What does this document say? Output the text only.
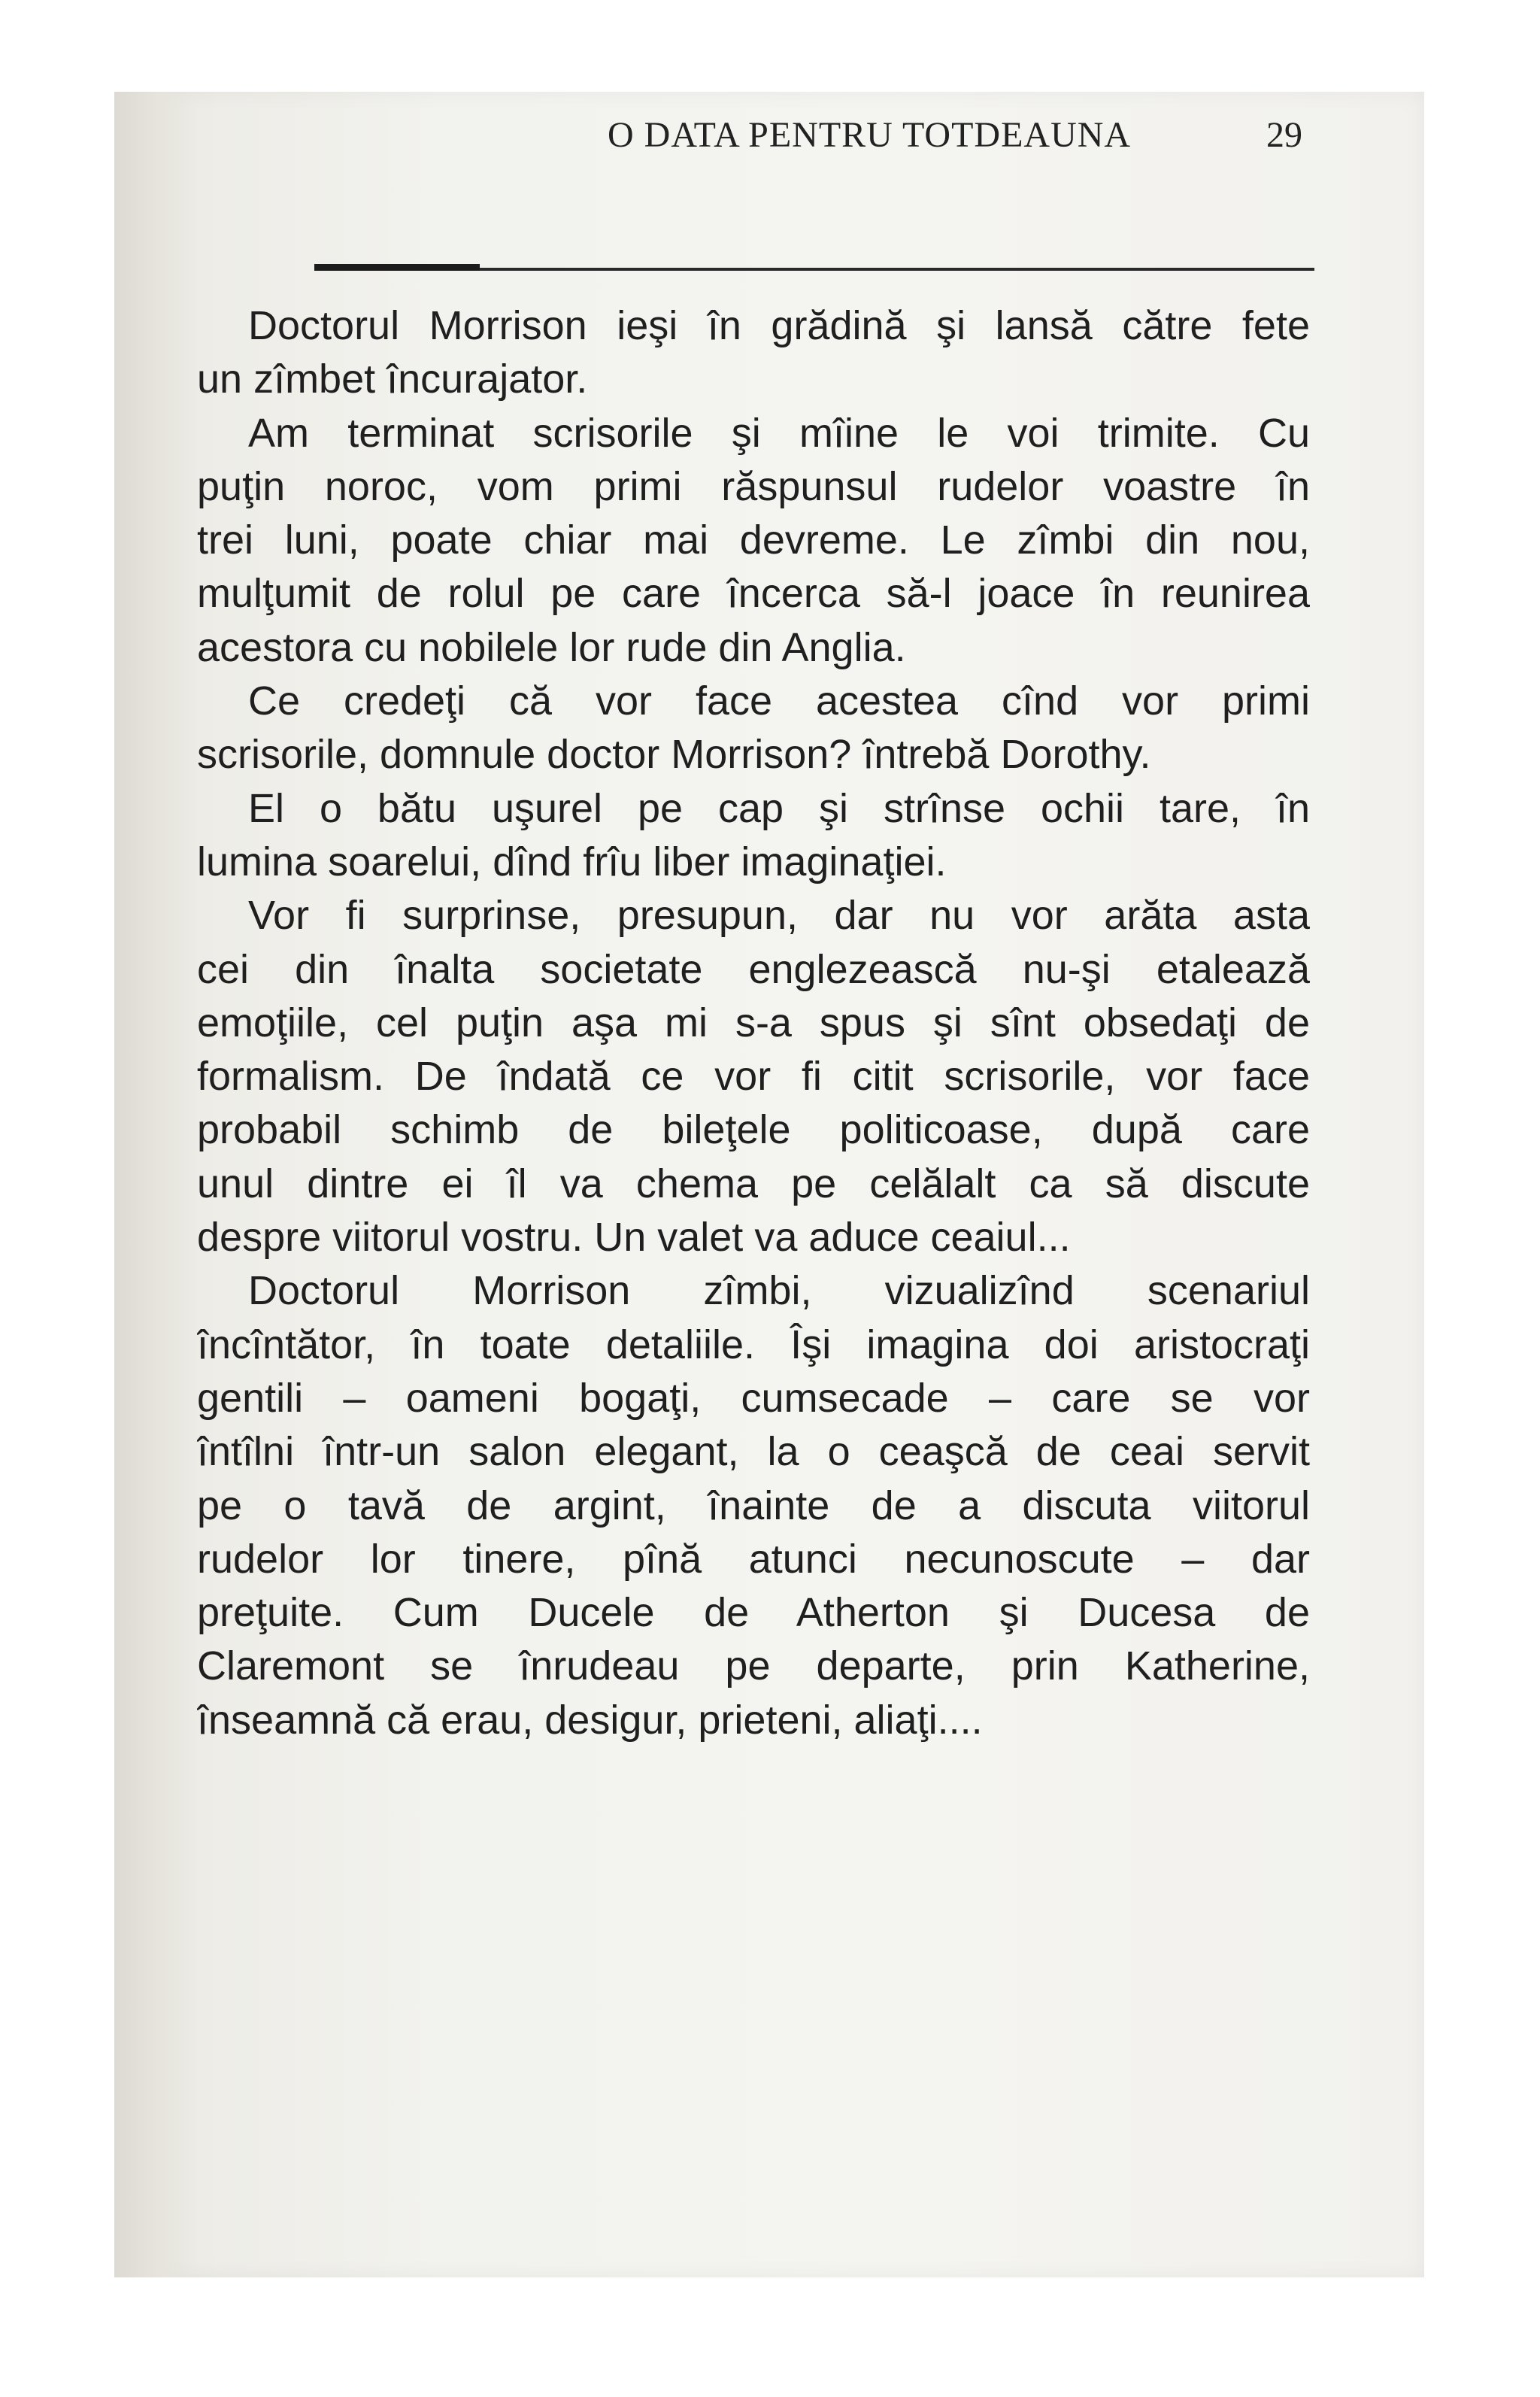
O DATA PENTRU TOTDEAUNA	29
Doctorul Morrison ieşi în grădină şi lansă către fete
un zîmbet încurajator.
Am terminat scrisorile şi mîine le voi trimite. Cu
puţin noroc, vom primi răspunsul rudelor voastre în
trei luni, poate chiar mai devreme. Le zîmbi din nou,
mulţumit de rolul pe care încerca să-l joace în reunirea
acestora cu nobilele lor rude din Anglia.
Ce credeţi că vor face acestea cînd vor primi
scrisorile, domnule doctor Morrison? întrebă Dorothy.
El o bătu uşurel pe cap şi strînse ochii tare, în
lumina soarelui, dînd frîu liber imaginaţiei.
Vor fi surprinse, presupun, dar nu vor arăta asta
cei din înalta societate englezească nu-şi etalează
emoţiile, cel puţin aşa mi s-a spus şi sînt obsedaţi de
formalism. De îndată ce vor fi citit scrisorile, vor face
probabil schimb de bileţele politicoase, după care
unul dintre ei îl va chema pe celălalt ca să discute
despre viitorul vostru. Un valet va aduce ceaiul...
Doctorul Morrison zîmbi, vizualizînd scenariul
încîntător, în toate detaliile. Îşi imagina doi aristocraţi
gentili – oameni bogaţi, cumsecade – care se vor
întîlni într-un salon elegant, la o ceaşcă de ceai servit
pe o tavă de argint, înainte de a discuta viitorul
rudelor lor tinere, pînă atunci necunoscute – dar
preţuite. Cum Ducele de Atherton şi Ducesa de
Claremont se înrudeau pe departe, prin Katherine,
înseamnă că erau, desigur, prieteni, aliaţi....
